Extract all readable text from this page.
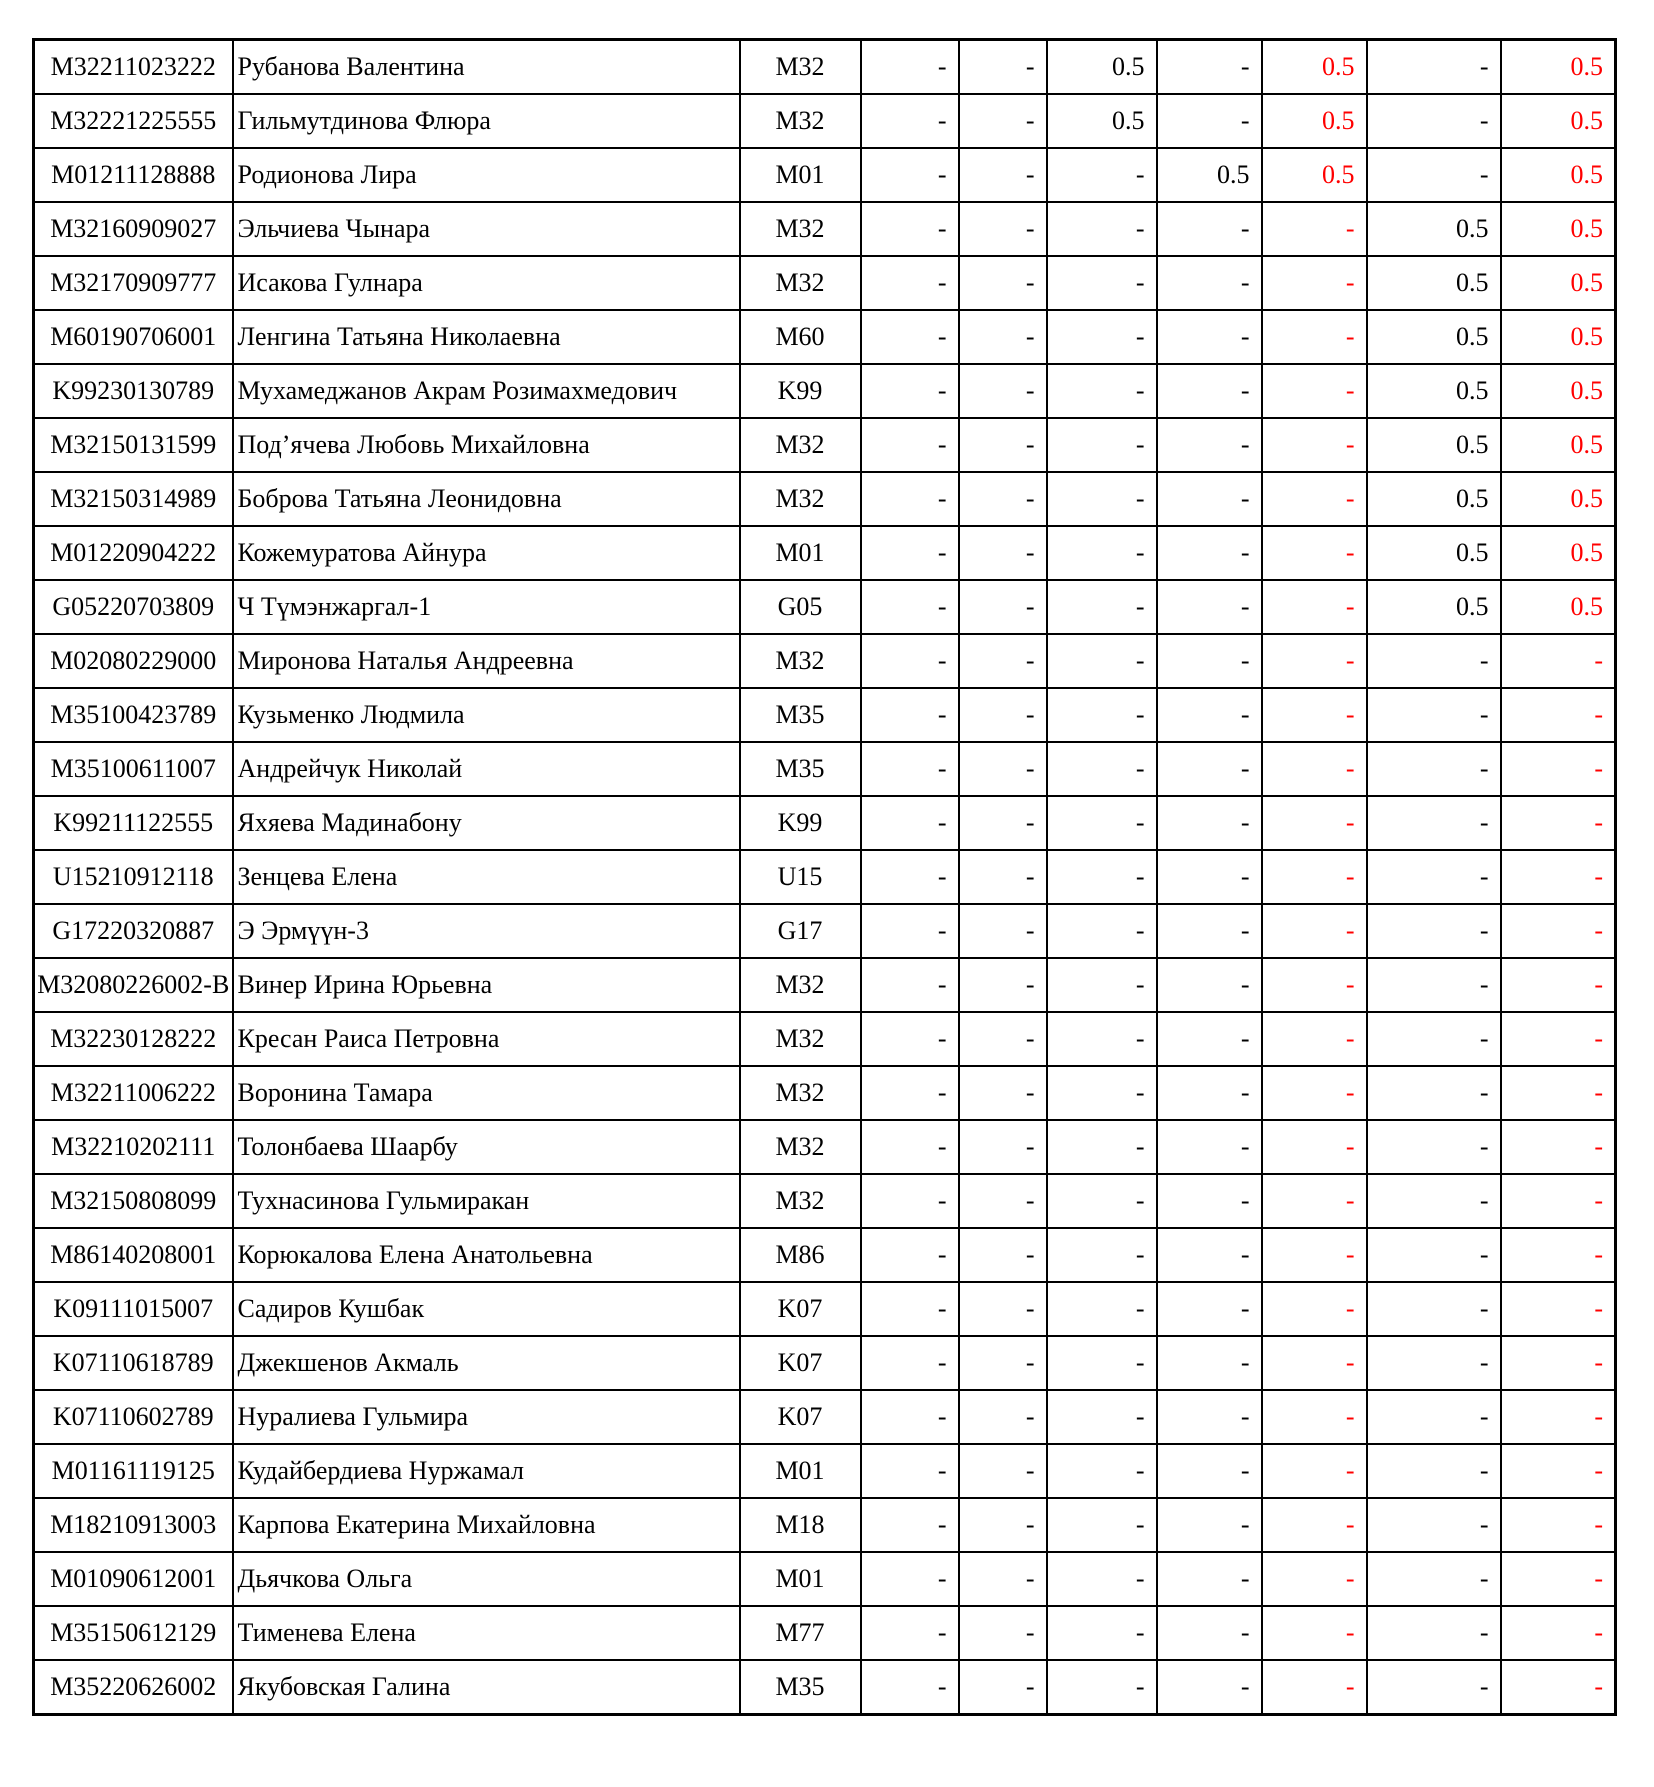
M32211023222	Рубанова Валентина	M32	-	-	0.5	-	0.5	-	0.5
M32221225555	Гильмутдинова Флюра	M32	-	-	0.5	-	0.5	-	0.5
M01211128888	Родионова Лира	M01	-	-	-	0.5	0.5	-	0.5
M32160909027	Эльчиева Чынара	M32	-	-	-	-	-	0.5	0.5
M32170909777	Исакова Гулнара	M32	-	-	-	-	-	0.5	0.5
M60190706001	Ленгина Татьяна Николаевна	M60	-	-	-	-	-	0.5	0.5
K99230130789	Мухамеджанов Акрам Розимахмедович	K99	-	-	-	-	-	0.5	0.5
M32150131599	Под’ячева Любовь Михайловна	M32	-	-	-	-	-	0.5	0.5
M32150314989	Боброва Татьяна Леонидовна	M32	-	-	-	-	-	0.5	0.5
M01220904222	Кожемуратова Айнура	M01	-	-	-	-	-	0.5	0.5
G05220703809	Ч Түмэнжаргал-1	G05	-	-	-	-	-	0.5	0.5
M02080229000	Миронова Наталья Андреевна	M32	-	-	-	-	-	-	-
M35100423789	Кузьменко Людмила	M35	-	-	-	-	-	-	-
M35100611007	Андрейчук Николай	M35	-	-	-	-	-	-	-
K99211122555	Яхяева Мадинабону	K99	-	-	-	-	-	-	-
U15210912118	Зенцева Елена	U15	-	-	-	-	-	-	-
G17220320887	Э Эрмүүн-3	G17	-	-	-	-	-	-	-
M32080226002-B	Винер Ирина Юрьевна	M32	-	-	-	-	-	-	-
M32230128222	Кресан Раиса Петровна	M32	-	-	-	-	-	-	-
M32211006222	Воронина Тамара	M32	-	-	-	-	-	-	-
M32210202111	Толонбаева Шаарбу	M32	-	-	-	-	-	-	-
M32150808099	Тухнасинова Гульмиракан	M32	-	-	-	-	-	-	-
M86140208001	Корюкалова Елена Анатольевна	M86	-	-	-	-	-	-	-
K09111015007	Садиров Кушбак	K07	-	-	-	-	-	-	-
K07110618789	Джекшенов Акмаль	K07	-	-	-	-	-	-	-
K07110602789	Нуралиева Гульмира	K07	-	-	-	-	-	-	-
M01161119125	Кудайбердиева Нуржамал	M01	-	-	-	-	-	-	-
M18210913003	Карпова Екатерина Михайловна	M18	-	-	-	-	-	-	-
M01090612001	Дьячкова Ольга	M01	-	-	-	-	-	-	-
M35150612129	Тименева Елена	M77	-	-	-	-	-	-	-
M35220626002	Якубовская Галина	M35	-	-	-	-	-	-	-
